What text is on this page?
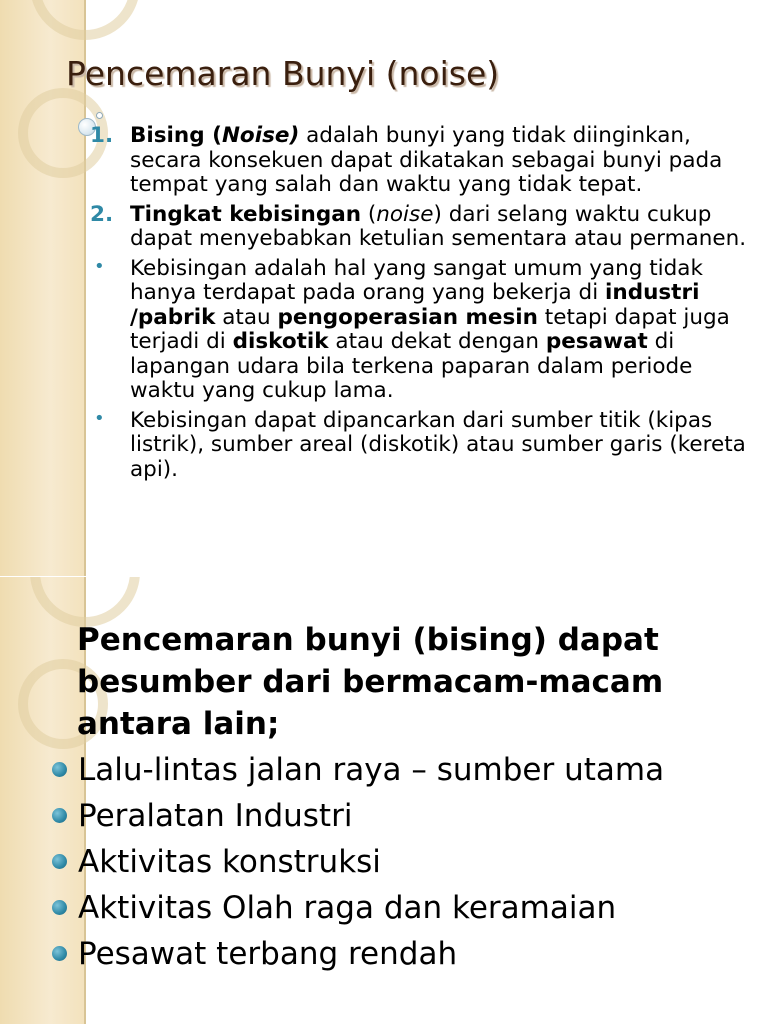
Pencemaran Bunyi (noise)
1. Bising (Noise) adalah bunyi yang tidak diinginkan, secara konsekuen dapat dikatakan sebagai bunyi pada tempat yang salah dan waktu yang tidak tepat.
2. Tingkat kebisingan (noise) dari selang waktu cukup dapat menyebabkan ketulian sementara atau permanen.
• Kebisingan adalah hal yang sangat umum yang tidak hanya terdapat pada orang yang bekerja di industri /pabrik atau pengoperasian mesin tetapi dapat juga terjadi di diskotik atau dekat dengan pesawat di lapangan udara bila terkena paparan dalam periode waktu yang cukup lama.
• Kebisingan dapat dipancarkan dari sumber titik (kipas listrik), sumber areal (diskotik) atau sumber garis (kereta api).
Pencemaran bunyi (bising) dapat besumber dari bermacam-macam antara lain;
Lalu-lintas jalan raya – sumber utama
Peralatan Industri
Aktivitas konstruksi
Aktivitas Olah raga dan keramaian
Pesawat terbang rendah
